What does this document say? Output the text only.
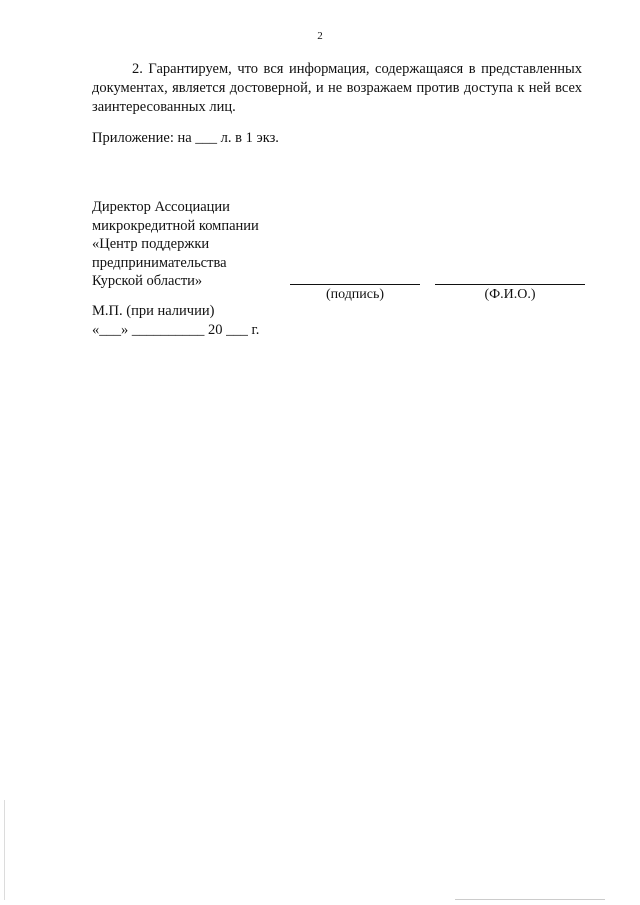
2

2. Гарантируем, что вся информация, содержащаяся в представленных документах, является достоверной, и не возражаем против доступа к ней всех заинтересованных лиц.

Приложение: на ___ л. в 1 экз.
Директор Ассоциации
микрокредитной компании
«Центр поддержки
предпринимательства
Курской области»
(подпись)	(Ф.И.О.)
М.П. (при наличии)
«___» __________ 20 ___ г.
